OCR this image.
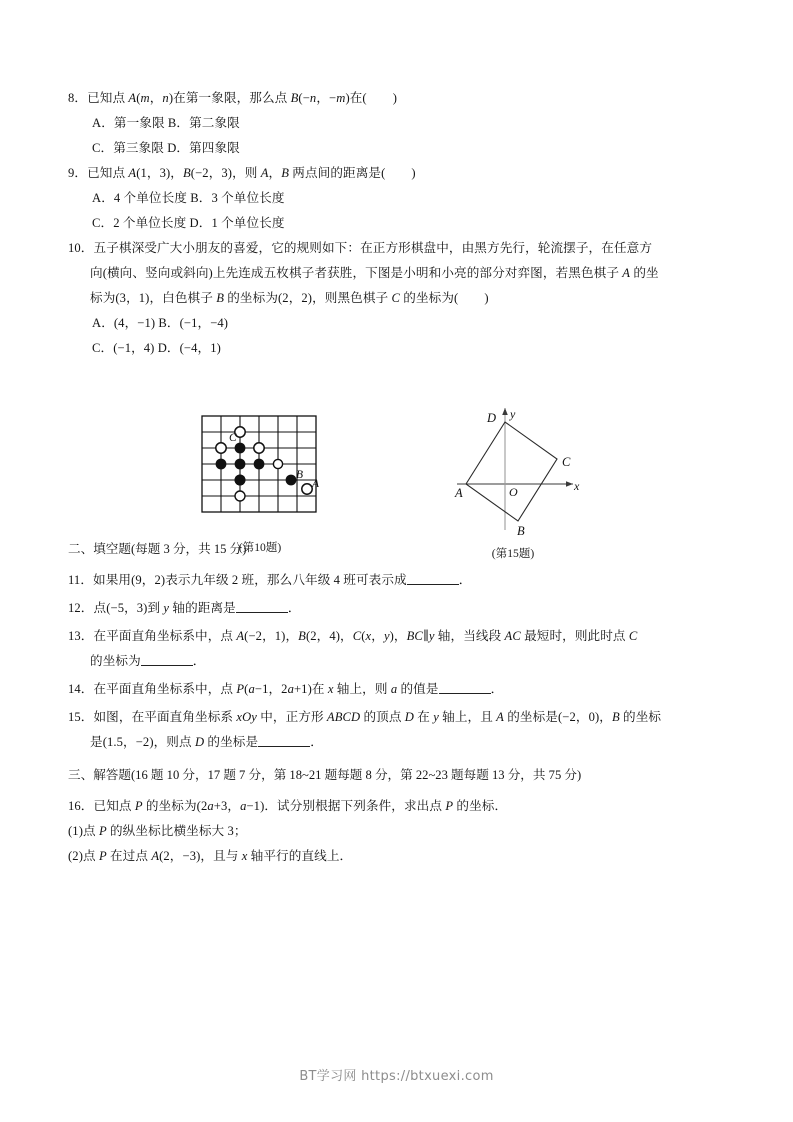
8．已知点 A(m，n)在第一象限，那么点 B(−n，−m)在( )

A．第一象限 B．第二象限

C．第三象限 D．第四象限

9．已知点 A(1，3)，B(−2，3)，则 A，B 两点间的距离是( )

A．4 个单位长度 B．3 个单位长度

C．2 个单位长度 D．1 个单位长度

10．五子棋深受广大小朋友的喜爱，它的规则如下：在正方形棋盘中，由黑方先行，轮流摆子，在任意方

向(横向、竖向或斜向)上先连成五枚棋子者获胜，下图是小明和小亮的部分对弈图，若黑色棋子 A 的坐

标为(3，1)，白色棋子 B 的坐标为(2，2)，则黑色棋子 C 的坐标为( )

A．(4，−1) B．(−1，−4)

C．(−1，4) D．(−4，1)

二、填空题(每题 3 分，共 15 分)

11．如果用(9，2)表示九年级 2 班，那么八年级 4 班可表示成	．

12．点(−5，3)到 y 轴的距离是	．

13．在平面直角坐标系中，点 A(−2，1)，B(2，4)，C(x，y)，BC∥y 轴，当线段 AC 最短时，则此时点 C

的坐标为	．

14．在平面直角坐标系中，点 P(a−1，2a+1)在 x 轴上，则 a 的值是	．

15．如图，在平面直角坐标系 xOy 中，正方形 ABCD 的顶点 D 在 y 轴上，且 A 的坐标是(−2，0)，B 的坐标

是(1.5，−2)，则点 D 的坐标是	．

三、解答题(16 题 10 分，17 题 7 分，第 18~21 题每题 8 分，第 22~23 题每题 13 分，共 75 分)

16．已知点 P 的坐标为(2a+3，a−1)．试分别根据下列条件，求出点 P 的坐标．

(1)点 P 的纵坐标比横坐标大 3；

(2)点 P 在过点 A(2，−3)，且与 x 轴平行的直线上．

C
B
A
(第10题)
x
y
O
A
B
C
D
(第15题)
BT学习网 https://btxuexi.com
